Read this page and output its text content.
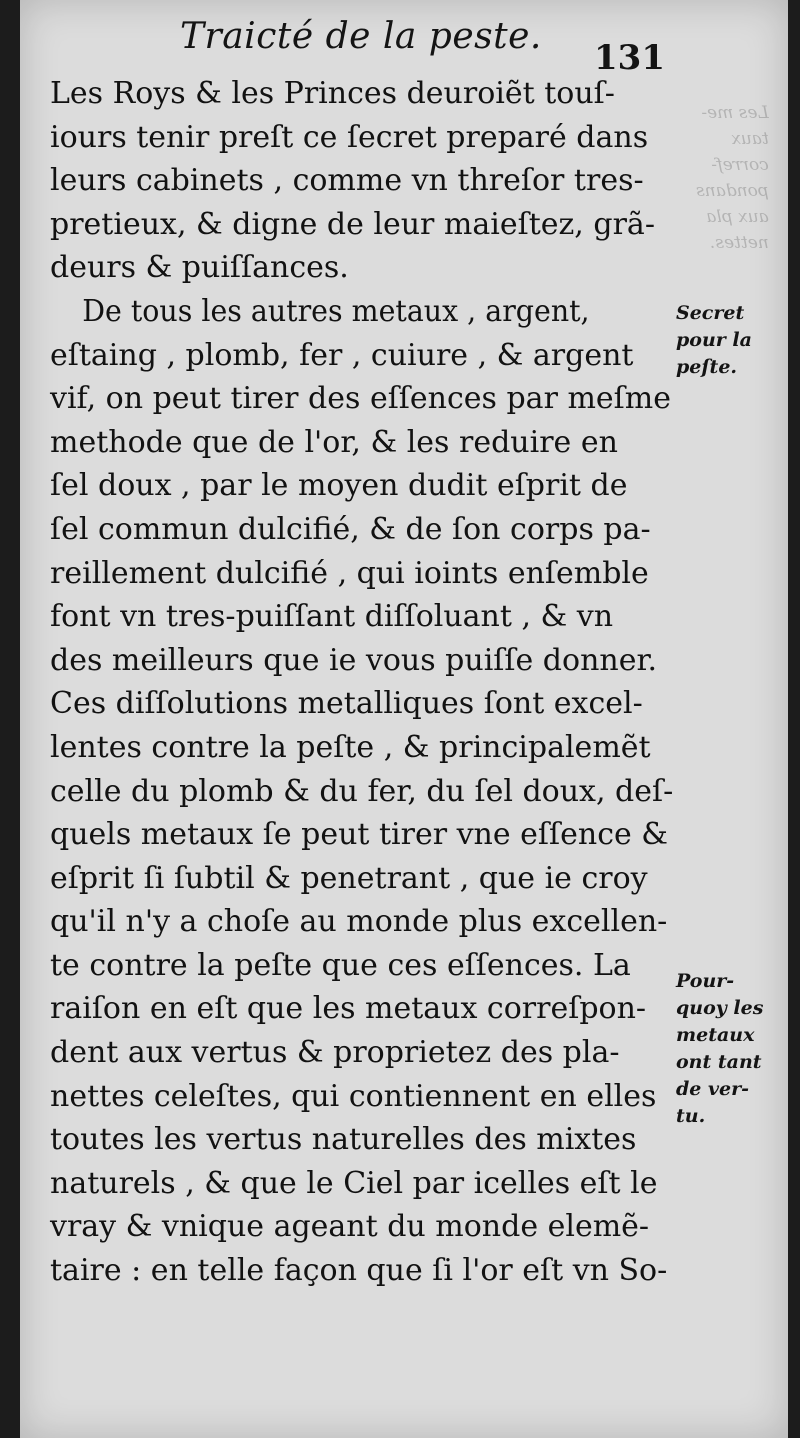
Traicté de la peste.
131
Les me-
taux
corref-
pondans
aux pla
nettes.
Les Roys & les Princes deuroiẽt touſ-
iours tenir preſt ce ſecret preparé dans
leurs cabinets , comme vn threſor tres-
pretieux, & digne de leur maieſtez, grã-
deurs & puiſſances.
De tous les autres metaux , argent,
eſtaing , plomb, fer , cuiure , & argent
vif, on peut tirer des eſſences par meſme
methode que de l'or, & les reduire en
ſel doux , par le moyen dudit eſprit de
ſel commun dulcifié, & de ſon corps pa-
reillement dulcifié , qui ioints enſemble
font vn tres-puiſſant diſſoluant , & vn
des meilleurs que ie vous puiſſe donner.
Ces diſſolutions metalliques ſont excel-
lentes contre la peſte , & principalemẽt
celle du plomb & du fer, du ſel doux, deſ-
quels metaux ſe peut tirer vne eſſence &
eſprit ſi ſubtil & penetrant , que ie croy
qu'il n'y a choſe au monde plus excellen-
te contre la peſte que ces eſſences. La
raiſon en eſt que les metaux correſpon-
dent aux vertus & proprietez des pla-
nettes celeſtes, qui contiennent en elles
toutes les vertus naturelles des mixtes
naturels , & que le Ciel par icelles eſt le
vray & vnique ageant du monde elemẽ-
taire : en telle façon que ſi l'or eſt vn So-
Secret
pour la
peſte.
Pour-
quoy les
metaux
ont tant
de ver-
tu.
